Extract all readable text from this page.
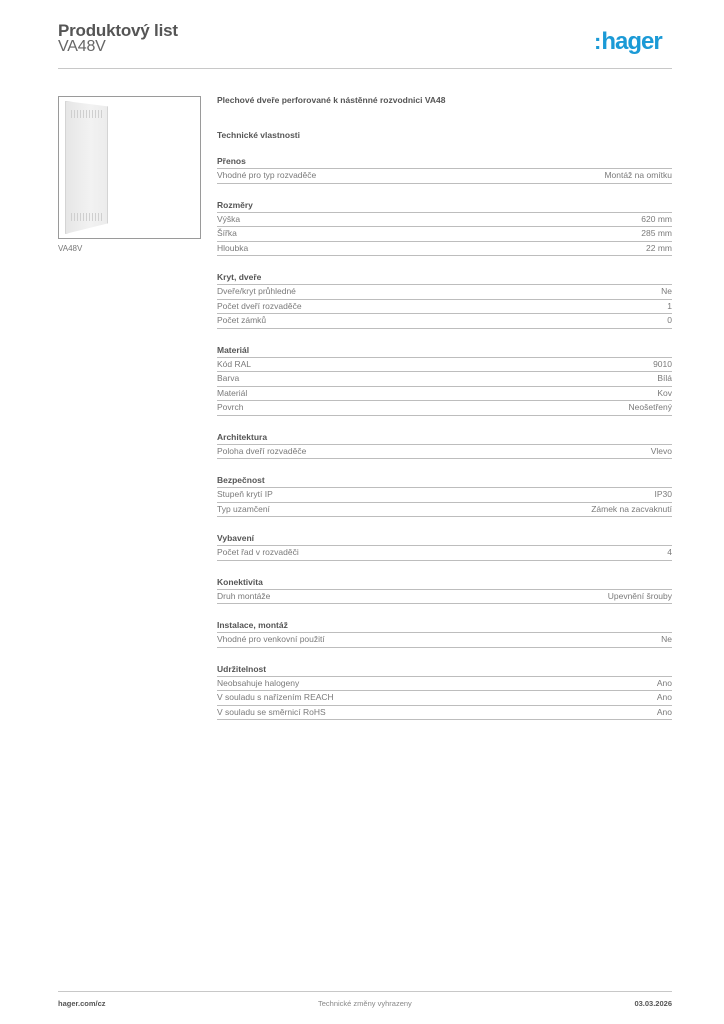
Produktový list
VA48V	:hager
VA48V
Plechové dveře perforované k nástěnné rozvodnici VA48
Technické vlastnosti
Přenos
Vhodné pro typ rozvaděče	Montáž na omítku
Rozměry
Výška	620 mm
Šířka	285 mm
Hloubka	22 mm
Kryt, dveře
Dveře/kryt průhledné	Ne
Počet dveří rozvaděče	1
Počet zámků	0
Materiál
Kód RAL	9010
Barva	Bílá
Materiál	Kov
Povrch	Neošetřený
Architektura
Poloha dveří rozvaděče	Vlevo
Bezpečnost
Stupeň krytí IP	IP30
Typ uzamčení	Zámek na zacvaknutí
Vybavení
Počet řad v rozvaděči	4
Konektivita
Druh montáže	Upevnění šrouby
Instalace, montáž
Vhodné pro venkovní použití	Ne
Udržitelnost
Neobsahuje halogeny	Ano
V souladu s nařízením REACH	Ano
V souladu se směrnicí RoHS	Ano
hager.com/cz	Technické změny vyhrazeny	03.03.2026
